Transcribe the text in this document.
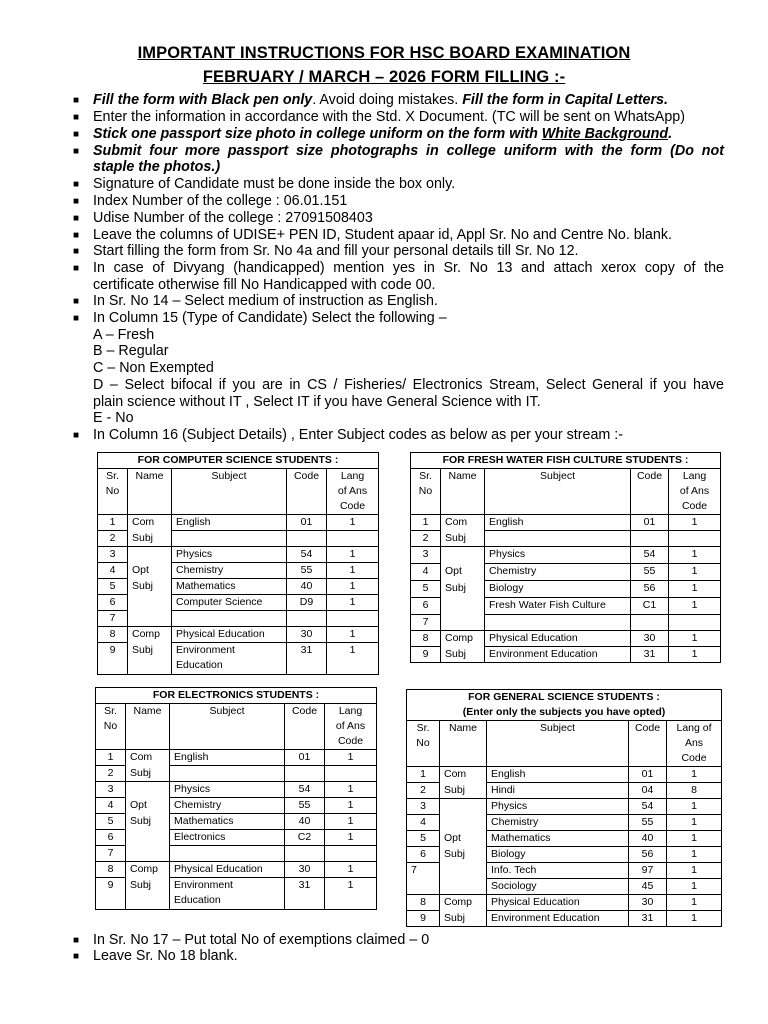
IMPORTANT INSTRUCTIONS FOR HSC BOARD EXAMINATION
FEBRUARY / MARCH – 2026 FORM FILLING :-
■ Fill the form with Black pen only. Avoid doing mistakes. Fill the form in Capital Letters.
■ Enter the information in accordance with the Std. X Document. (TC will be sent on WhatsApp)
■ Stick one passport size photo in college uniform on the form with White Background.
■ Submit four more passport size photographs in college uniform with the form (Do not
staple the photos.)
■ Signature of Candidate must be done inside the box only.
■ Index Number of the college : 06.01.151
■ Udise Number of the college : 27091508403
■ Leave the columns of UDISE+ PEN ID, Student apaar id, Appl Sr. No and Centre No. blank.
■ Start filling the form from Sr. No 4a and fill your personal details till Sr. No 12.
■ In case of Divyang (handicapped) mention yes in Sr. No 13 and attach xerox copy of the
certificate otherwise fill No Handicapped with code 00.
■ In Sr. No 14 – Select medium of instruction as English.
■ In Column 15 (Type of Candidate) Select the following –
A – Fresh
B – Regular
C – Non Exempted
D – Select bifocal if you are in CS / Fisheries/ Electronics Stream, Select General if you have
plain science without IT , Select IT if you have General Science with IT.
E - No
■ In Column 16 (Subject Details) , Enter Subject codes as below as per your stream :-
FOR COMPUTER SCIENCE STUDENTS :				
Sr.
No	Name	Subject	Code	Lang
of Ans
Code
1	Com	English	01	1
2	Subj			
3		Physics	54	1
4	Opt	Chemistry	55	1
5	Subj	Mathematics	40	1
6		Computer Science	D9	1
7				
8	Comp	Physical Education	30	1
9	Subj	Environment
Education	31	1
FOR FRESH WATER FISH CULTURE STUDENTS :				
Sr.
No	Name	Subject	Code	Lang
of Ans
Code
1	Com	English	01	1
2	Subj			
3		Physics	54	1
4	Opt	Chemistry	55	1
5	Subj	Biology	56	1
6		Fresh Water Fish Culture	C1	1
7				
8	Comp	Physical Education	30	1
9	Subj	Environment Education	31	1
FOR ELECTRONICS STUDENTS :				
Sr.
No	Name	Subject	Code	Lang
of Ans
Code
1	Com	English	01	1
2	Subj			
3		Physics	54	1
4	Opt	Chemistry	55	1
5	Subj	Mathematics	40	1
6		Electronics	C2	1
7				
8	Comp	Physical Education	30	1
9	Subj	Environment
Education	31	1
FOR GENERAL SCIENCE STUDENTS :
(Enter only the subjects you have opted)				
Sr.
No	Name	Subject	Code	Lang of
Ans
Code
1	Com	English	01	1
2	Subj	Hindi	04	8
3		Physics	54	1
4		Chemistry	55	1
5	Opt	Mathematics	40	1
6	Subj	Biology	56	1
7		Info. Tech	97	1
		Sociology	45	1
8	Comp	Physical Education	30	1
9	Subj	Environment Education	31	1
■ In Sr. No 17 – Put total No of exemptions claimed – 0
■ Leave Sr. No 18 blank.
